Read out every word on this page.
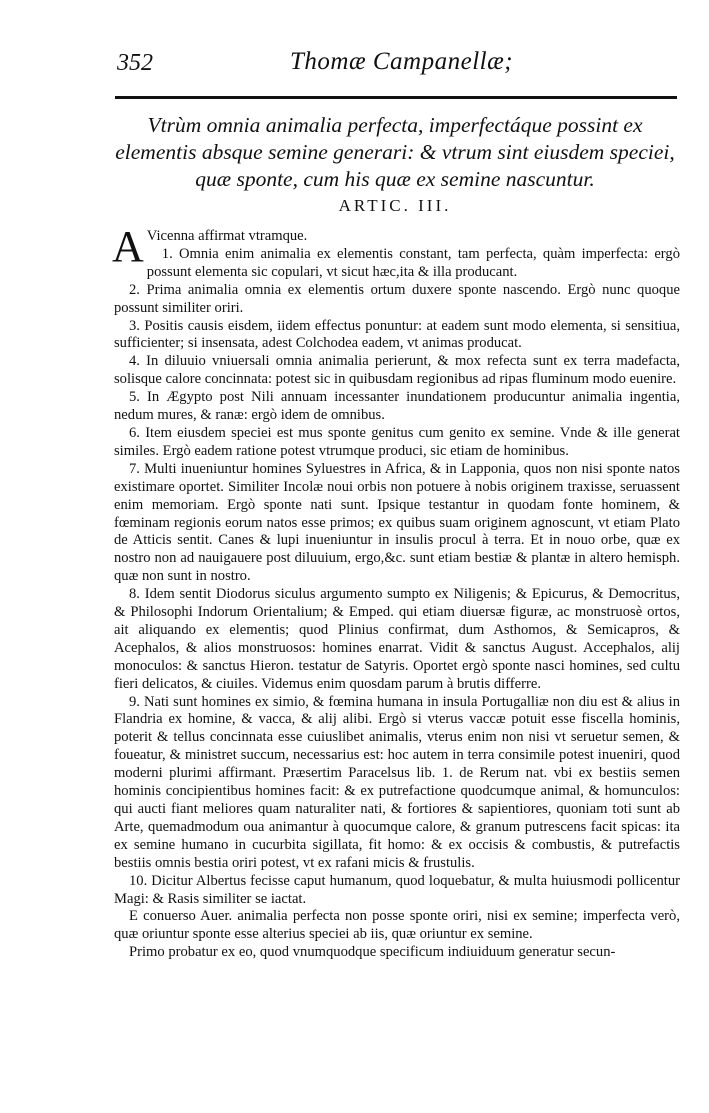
352	Thomæ Campanellæ;
Vtrùm omnia animalia perfecta, imperfectáque possint ex elementis absque semine generari: & vtrum sint eiusdem speciei, quæ sponte, cum his quæ ex semine nascuntur.
ARTIC. III.

A Vicenna affirmat vtramque.

1. Omnia enim animalia ex elementis constant, tam perfecta, quàm imperfecta: ergò possunt elementa sic copulari, vt sicut hæc,ita & illa producant.

2. Prima animalia omnia ex elementis ortum duxere sponte nascendo. Ergò nunc quoque possunt similiter oriri.

3. Positis causis eisdem, iidem effectus ponuntur: at eadem sunt modo elementa, si sensitiua, sufficienter; si insensata, adest Colchodea eadem, vt animas producat.

4. In diluuio vniuersali omnia animalia perierunt, & mox refecta sunt ex terra madefacta, solisque calore concinnata: potest sic in quibusdam regionibus ad ripas fluminum modo euenire.

5. In Ægypto post Nili annuam incessanter inundationem producuntur animalia ingentia, nedum mures, & ranæ: ergò idem de omnibus.

6. Item eiusdem speciei est mus sponte genitus cum genito ex semine. Vnde & ille generat similes. Ergò eadem ratione potest vtrumque produci, sic etiam de hominibus.

7. Multi inueniuntur homines Syluestres in Africa, & in Lapponia, quos non nisi sponte natos existimare oportet. Similiter Incolæ noui orbis non potuere à nobis originem traxisse, seruassent enim memoriam. Ergò sponte nati sunt. Ipsique testantur in quodam fonte hominem, & fœminam regionis eorum natos esse primos; ex quibus suam originem agnoscunt, vt etiam Plato de Atticis sentit. Canes & lupi inueniuntur in insulis procul à terra. Et in nouo orbe, quæ ex nostro non ad nauigauere post diluuium, ergo,&c. sunt etiam bestiæ & plantæ in altero hemisph. quæ non sunt in nostro.

8. Idem sentit Diodorus siculus argumento sumpto ex Niligenis; & Epicurus, & Democritus, & Philosophi Indorum Orientalium; & Emped. qui etiam diuersæ figuræ, ac monstruosè ortos, ait aliquando ex elementis; quod Plinius confirmat, dum Asthomos, & Semicapros, & Acephalos, & alios monstruosos: homines enarrat. Vidit & sanctus August. Accephalos, alij monoculos: & sanctus Hieron. testatur de Satyris. Oportet ergò sponte nasci homines, sed cultu fieri delicatos, & ciuiles. Videmus enim quosdam parum à brutis differre.

9. Nati sunt homines ex simio, & fœmina humana in insula Portugalliæ non diu est & alius in Flandria ex homine, & vacca, & alij alibi. Ergò si vterus vaccæ potuit esse fiscella hominis, poterit & tellus concinnata esse cuiuslibet animalis, vterus enim non nisi vt seruetur semen, & foueatur, & ministret succum, necessarius est: hoc autem in terra consimile potest inueniri, quod moderni plurimi affirmant. Præsertim Paracelsus lib. 1. de Rerum nat. vbi ex bestiis semen hominis concipientibus homines facit: & ex putrefactione quodcumque animal, & homunculos: qui aucti fiant meliores quam naturaliter nati, & fortiores & sapientiores, quoniam toti sunt ab Arte, quemadmodum oua animantur à quocumque calore, & granum putrescens facit spicas: ita ex semine humano in cucurbita sigillata, fit homo: & ex occisis & combustis, & putrefactis bestiis omnis bestia oriri potest, vt ex rafani micis & frustulis.

10. Dicitur Albertus fecisse caput humanum, quod loquebatur, & multa huiusmodi pollicentur Magi: & Rasis similiter se iactat.

E conuerso Auer. animalia perfecta non posse sponte oriri, nisi ex semine; imperfecta verò, quæ oriuntur sponte esse alterius speciei ab iis, quæ oriuntur ex semine.

Primo probatur ex eo, quod vnumquodque specificum indiuiduum generatur secun-
